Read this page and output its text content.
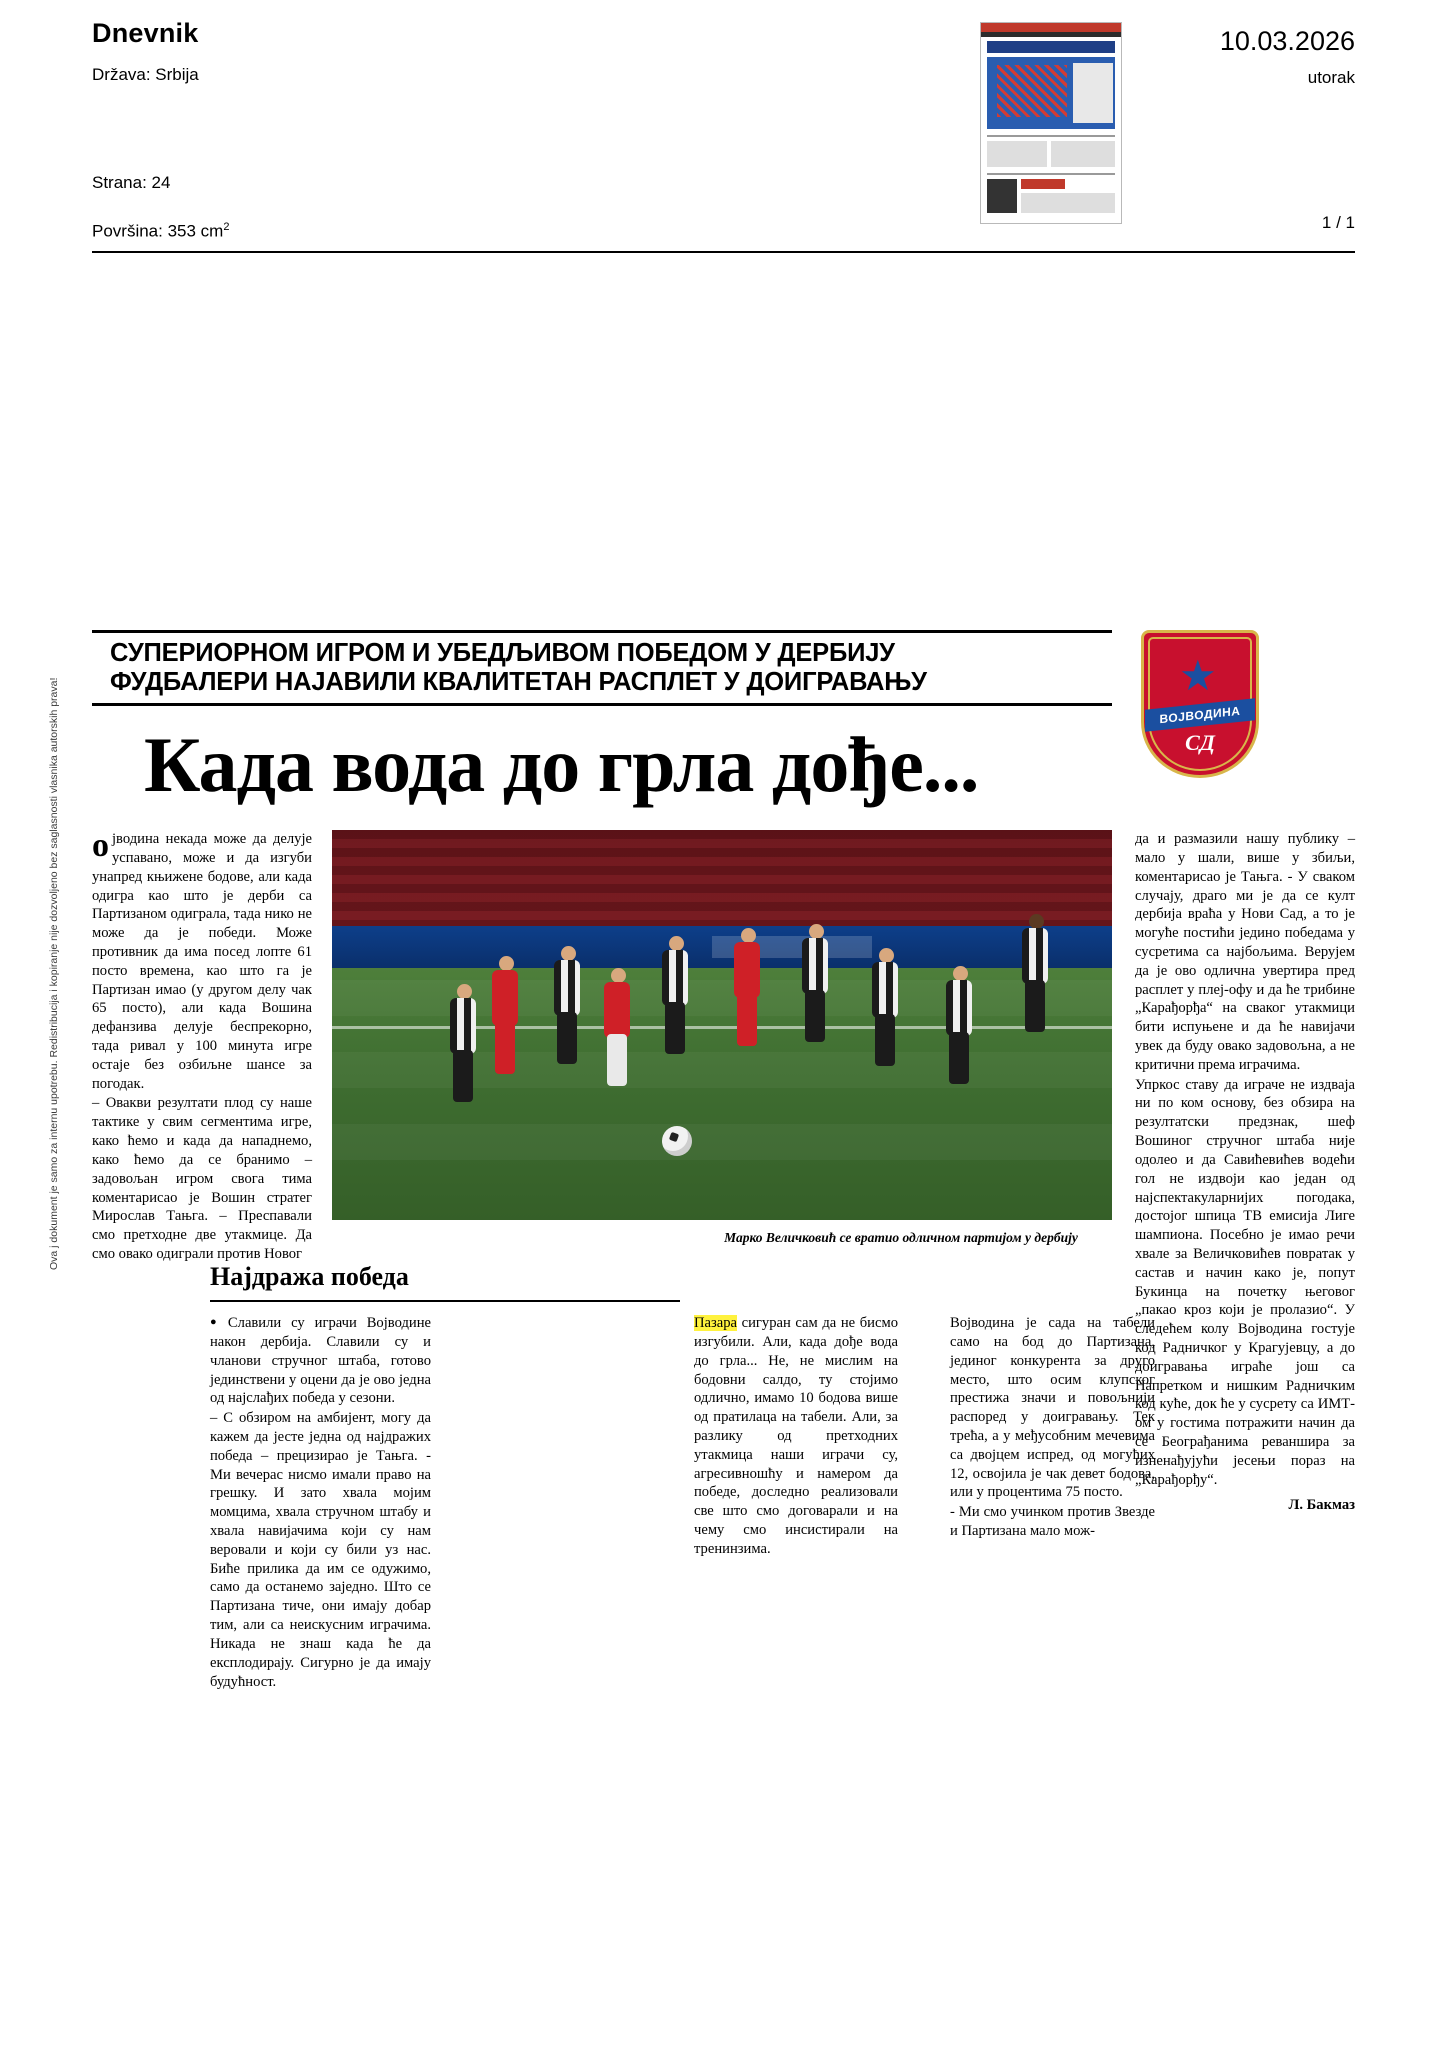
Dnevnik
Država: Srbija
Strana: 24
Površina: 353 $cm^2$
10.03.2026
utorak
1 / 1
СУПЕРИОРНОМ ИГРОМ И УБЕДЉИВОМ ПОБЕДОМ У ДЕРБИЈУ
ФУДБАЛЕРИ НАЈАВИЛИ КВАЛИТЕТАН РАСПЛЕТ У ДОИГРАВАЊУ
ВОЈВОДИНА
СД
Када вода до грла дође...

ојводина некада може да делује успавано, може и да изгуби унапред књижене бодове, али када одигра као што је дерби са Партизаном одиграла, тада нико не може да је победи. Може противник да има посед лопте 61 посто времена, као што га је Партизан имао (у другом делу чак 65 посто), али када Вошина дефанзива делује беспрекорно, тада ривал у 100 минута игре остаје без озбиљне шансе за погодак.

– Овакви резултати плод су наше тактике у свим сегментима игре, како ћемо и када да нападнемо, како ћемо да се бранимо – задовољан игром свога тима коментарисао је Вошин стратег Мирослав Тањга. – Преспавали смо претходне две утакмице. Да смо овако одиграли против Новог

Марко Величковић се вратио одличном партијом у дербију
Најдража победа

● Славили су играчи Војводине након дербија. Славили су и чланови стручног штаба, готово јединствени у оцени да је ово једна од најслађих победа у сезони.

– С обзиром на амбијент, могу да кажем да јесте једна од најдражих победа – прецизирао је Тањга. - Ми вечерас нисмо имали право на грешку. И зато хвала мојим момцима, хвала стручном штабу и хвала навијачима који су нам веровали и који су били уз нас. Биће прилика да им се одужимо, само да останемо заједно. Што се Партизана тиче, они имају добар тим, али са неискусним играчима. Никада не знаш када ће да експлодирају. Сигурно је да имају будућност.

Пазара сигуран сам да не бисмо изгубили. Али, када дође вода до грла... Не, не мислим на бодовни салдо, ту стојимо одлично, имамо 10 бодова више од пратилаца на табели. Али, за разлику од претходних утакмица наши играчи су, агресивношћу и намером да победе, доследно реализовали све што смо договарали и на чему смо инсистирали на тренинзима.

Војводина је сада на табели само на бод до Партизана, јединог конкурента за друго место, што осим клупског престижа значи и повољнији распоред у доигравању. Тек трећа, а у међусобним мечевима са двојцем испред, од могућих 12, освојила је чак девет бодова, или у процентима 75 посто.

- Ми смо учинком против Звезде и Партизана мало мож-

да и размазили нашу публику – мало у шали, више у збиљи, коментарисао је Тањга. - У сваком случају, драго ми је да се култ дербија враћа у Нови Сад, а то је могуће постићи једино победама у сусретима са најбољима. Верујем да је ово одлична увертира пред расплет у плеј-офу и да ће трибине „Карађорђа“ на сваког утакмици бити испуњене и да ће навијачи увек да буду овако задовољна, а не критични према играчима.

Упркос ставу да играче не издваја ни по ком основу, без обзира на резултатски предзнак, шеф Вошиног стручног штаба није одолео и да Савићевићев водећи гол не издвоји као један од најспектакуларнијих погодака, достојог шпица ТВ емисија Лиге шампиона. Посебно је имао речи хвале за Величковићев повратак у састав и начин како је, попут Букинца на почетку његовог „пакао кроз који је пролазио“. У следећем колу Војводина гостује код Радничког у Крагујевцу, а до доигравања играће још са Напретком и нишким Радничким код куће, док ће у сусрету са ИМТ-ом у гостима потражити начин да се Београђанима реванширa за изненађујући јесењи пораз на „Карађорђу“.

Л. Бакмаз
Ova j dokument je samo za internu upotrebu. Redistribucija i kopiranje nije dozvoljeno bez saglasnosti vlasnika autorskih prava!
